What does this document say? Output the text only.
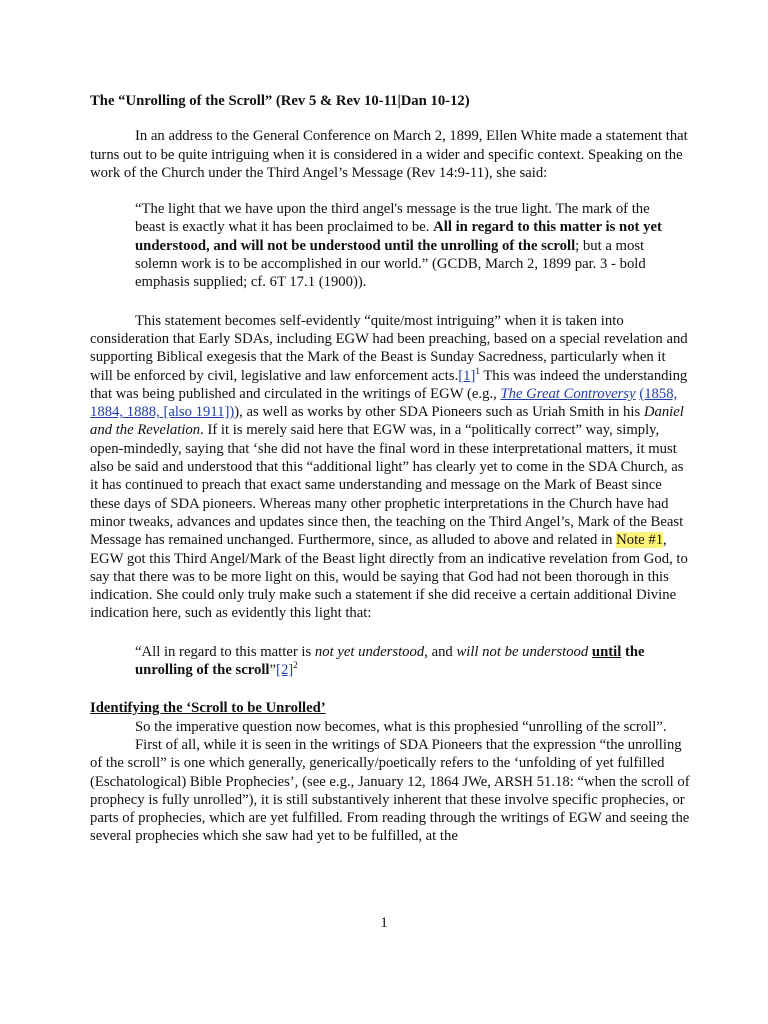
The “Unrolling of the Scroll” (Rev 5 & Rev 10-11|Dan 10-12)

In an address to the General Conference on March 2, 1899, Ellen White made a statement that turns out to be quite intriguing when it is considered in a wider and specific context. Speaking on the work of the Church under the Third Angel’s Message (Rev 14:9-11), she said:

“The light that we have upon the third angel's message is the true light. The mark of the beast is exactly what it has been proclaimed to be. All in regard to this matter is not yet understood, and will not be understood until the unrolling of the scroll; but a most solemn work is to be accomplished in our world.” (GCDB, March 2, 1899 par. 3 - bold emphasis supplied; cf. 6T 17.1 (1900)).

This statement becomes self-evidently “quite/most intriguing” when it is taken into consideration that Early SDAs, including EGW had been preaching, based on a special revelation and supporting Biblical exegesis that the Mark of the Beast is Sunday Sacredness, particularly when it will be enforced by civil, legislative and law enforcement acts.[1]$^1$ This was indeed the understanding that was being published and circulated in the writings of EGW (e.g., The Great Controversy (1858, 1884, 1888, [also 1911])), as well as works by other SDA Pioneers such as Uriah Smith in his Daniel and the Revelation. If it is merely said here that EGW was, in a “politically correct” way, simply, open-mindedly, saying that ‘she did not have the final word in these interpretational matters, it must also be said and understood that this “additional light” has clearly yet to come in the SDA Church, as it has continued to preach that exact same understanding and message on the Mark of Beast since these days of SDA pioneers. Whereas many other prophetic interpretations in the Church have had minor tweaks, advances and updates since then, the teaching on the Third Angel’s, Mark of the Beast Message has remained unchanged. Furthermore, since, as alluded to above and related in Note #1, EGW got this Third Angel/Mark of the Beast light directly from an indicative revelation from God, to say that there was to be more light on this, would be saying that God had not been thorough in this indication. She could only truly make such a statement if she did receive a certain additional Divine indication here, such as evidently this light that:

“All in regard to this matter is not yet understood, and will not be understood until the unrolling of the scroll”[2]$^2$

Identifying the ‘Scroll to be Unrolled’

So the imperative question now becomes, what is this prophesied “unrolling of the scroll”.

First of all, while it is seen in the writings of SDA Pioneers that the expression “the unrolling of the scroll” is one which generally, generically/poetically refers to the ‘unfolding of yet fulfilled (Eschatological) Bible Prophecies’, (see e.g., January 12, 1864 JWe, ARSH 51.18: “when the scroll of prophecy is fully unrolled”), it is still substantively inherent that these involve specific prophecies, or parts of prophecies, which are yet fulfilled. From reading through the writings of EGW and seeing the several prophecies which she saw had yet to be fulfilled, at the

1
